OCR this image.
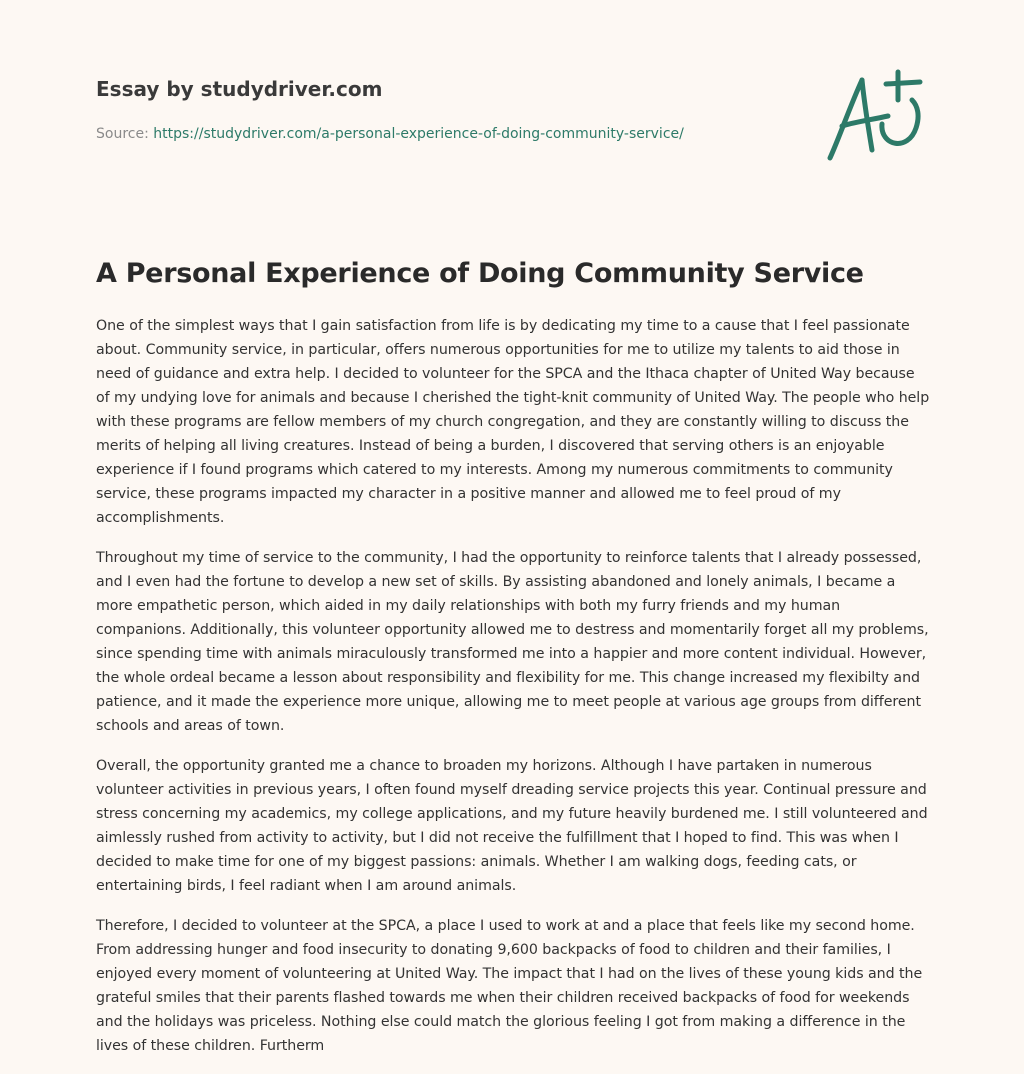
Essay by studydriver.com
Source: https://studydriver.com/a-personal-experience-of-doing-community-service/
A Personal Experience of Doing Community Service

One of the simplest ways that I gain satisfaction from life is by dedicating my time to a cause that I feel passionate about. Community service, in particular, offers numerous opportunities for me to utilize my talents to aid those in need of guidance and extra help. I decided to volunteer for the SPCA and the Ithaca chapter of United Way because of my undying love for animals and because I cherished the tight-knit community of United Way. The people who help with these programs are fellow members of my church congregation, and they are constantly willing to discuss the merits of helping all living creatures. Instead of being a burden, I discovered that serving others is an enjoyable experience if I found programs which catered to my interests. Among my numerous commitments to community service, these programs impacted my character in a positive manner and allowed me to feel proud of my accomplishments.

Throughout my time of service to the community, I had the opportunity to reinforce talents that I already possessed, and I even had the fortune to develop a new set of skills. By assisting abandoned and lonely animals, I became a more empathetic person, which aided in my daily relationships with both my furry friends and my human companions. Additionally, this volunteer opportunity allowed me to destress and momentarily forget all my problems, since spending time with animals miraculously transformed me into a happier and more content individual. However, the whole ordeal became a lesson about responsibility and flexibility for me. This change increased my flexibilty and patience, and it made the experience more unique, allowing me to meet people at various age groups from different schools and areas of town.

Overall, the opportunity granted me a chance to broaden my horizons. Although I have partaken in numerous volunteer activities in previous years, I often found myself dreading service projects this year. Continual pressure and stress concerning my academics, my college applications, and my future heavily burdened me. I still volunteered and aimlessly rushed from activity to activity, but I did not receive the fulfillment that I hoped to find. This was when I decided to make time for one of my biggest passions: animals. Whether I am walking dogs, feeding cats, or entertaining birds, I feel radiant when I am around animals.

Therefore, I decided to volunteer at the SPCA, a place I used to work at and a place that feels like my second home. From addressing hunger and food insecurity to donating 9,600 backpacks of food to children and their families, I enjoyed every moment of volunteering at United Way. The impact that I had on the lives of these young kids and the grateful smiles that their parents flashed towards me when their children received backpacks of food for weekends and the holidays was priceless. Nothing else could match the glorious feeling I got from making a difference in the lives of these children. Furtherm
